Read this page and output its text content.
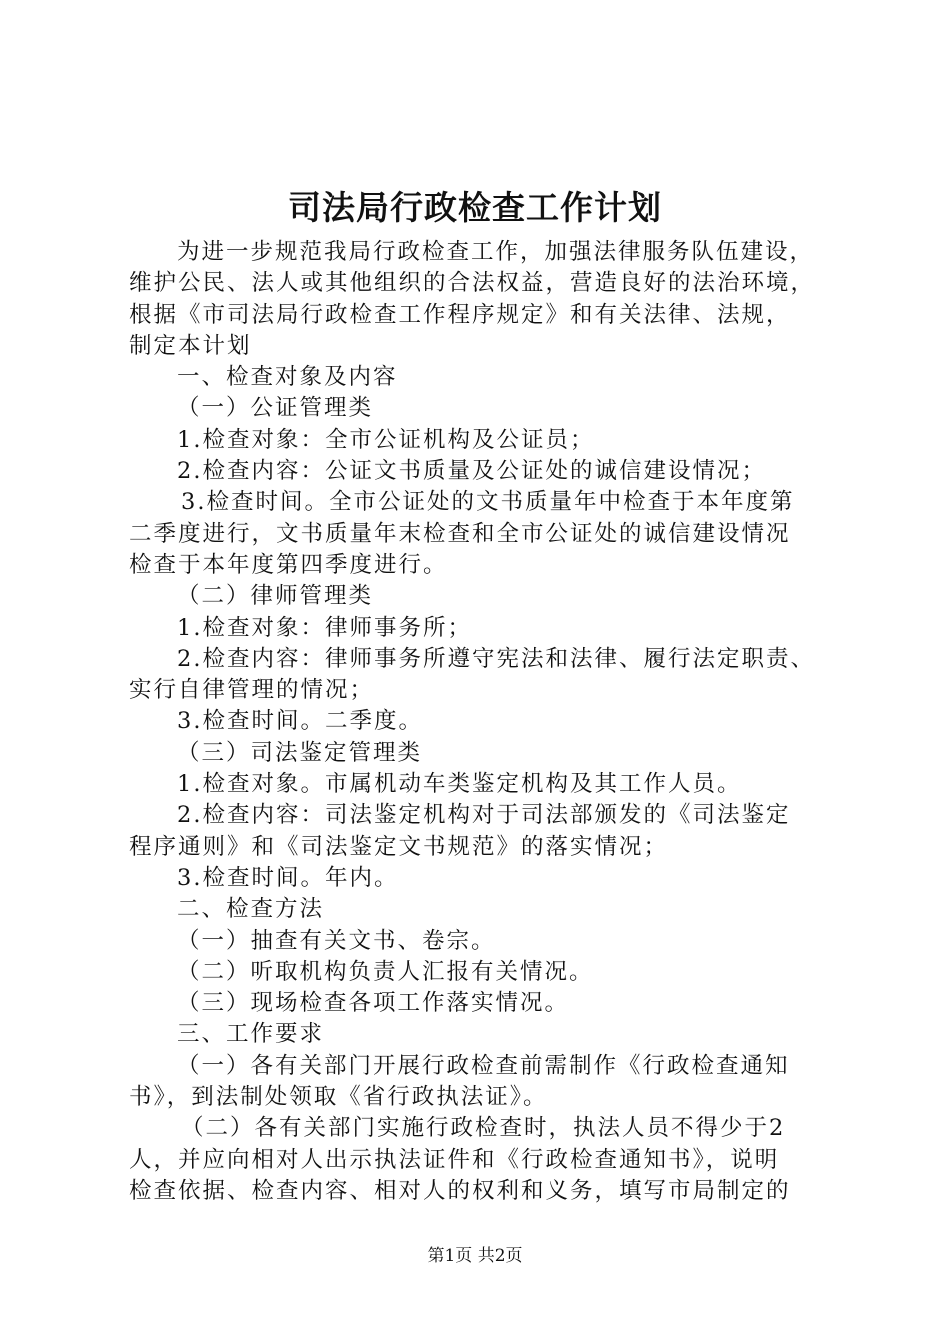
司法局行政检查工作计划

为进一步规范我局行政检查工作，加强法律服务队伍建设，

维护公民、法人或其他组织的合法权益，营造良好的法治环境，

根据《市司法局行政检查工作程序规定》和有关法律、法规，

制定本计划

一、检查对象及内容

（一）公证管理类

1.检查对象：全市公证机构及公证员；

2.检查内容：公证文书质量及公证处的诚信建设情况；

3.检查时间。全市公证处的文书质量年中检查于本年度第

二季度进行，文书质量年末检查和全市公证处的诚信建设情况

检查于本年度第四季度进行。

（二）律师管理类

1.检查对象：律师事务所；

2.检查内容：律师事务所遵守宪法和法律、履行法定职责、

实行自律管理的情况；

3.检查时间。二季度。

（三）司法鉴定管理类

1.检查对象。市属机动车类鉴定机构及其工作人员。

2.检查内容：司法鉴定机构对于司法部颁发的《司法鉴定

程序通则》和《司法鉴定文书规范》的落实情况；

3.检查时间。年内。

二、检查方法

（一）抽查有关文书、卷宗。

（二）听取机构负责人汇报有关情况。

（三）现场检查各项工作落实情况。

三、工作要求

（一）各有关部门开展行政检查前需制作《行政检查通知

书》，到法制处领取《省行政执法证》。

（二）各有关部门实施行政检查时，执法人员不得少于2

人，并应向相对人出示执法证件和《行政检查通知书》，说明

检查依据、检查内容、相对人的权利和义务，填写市局制定的

第1页 共2页
